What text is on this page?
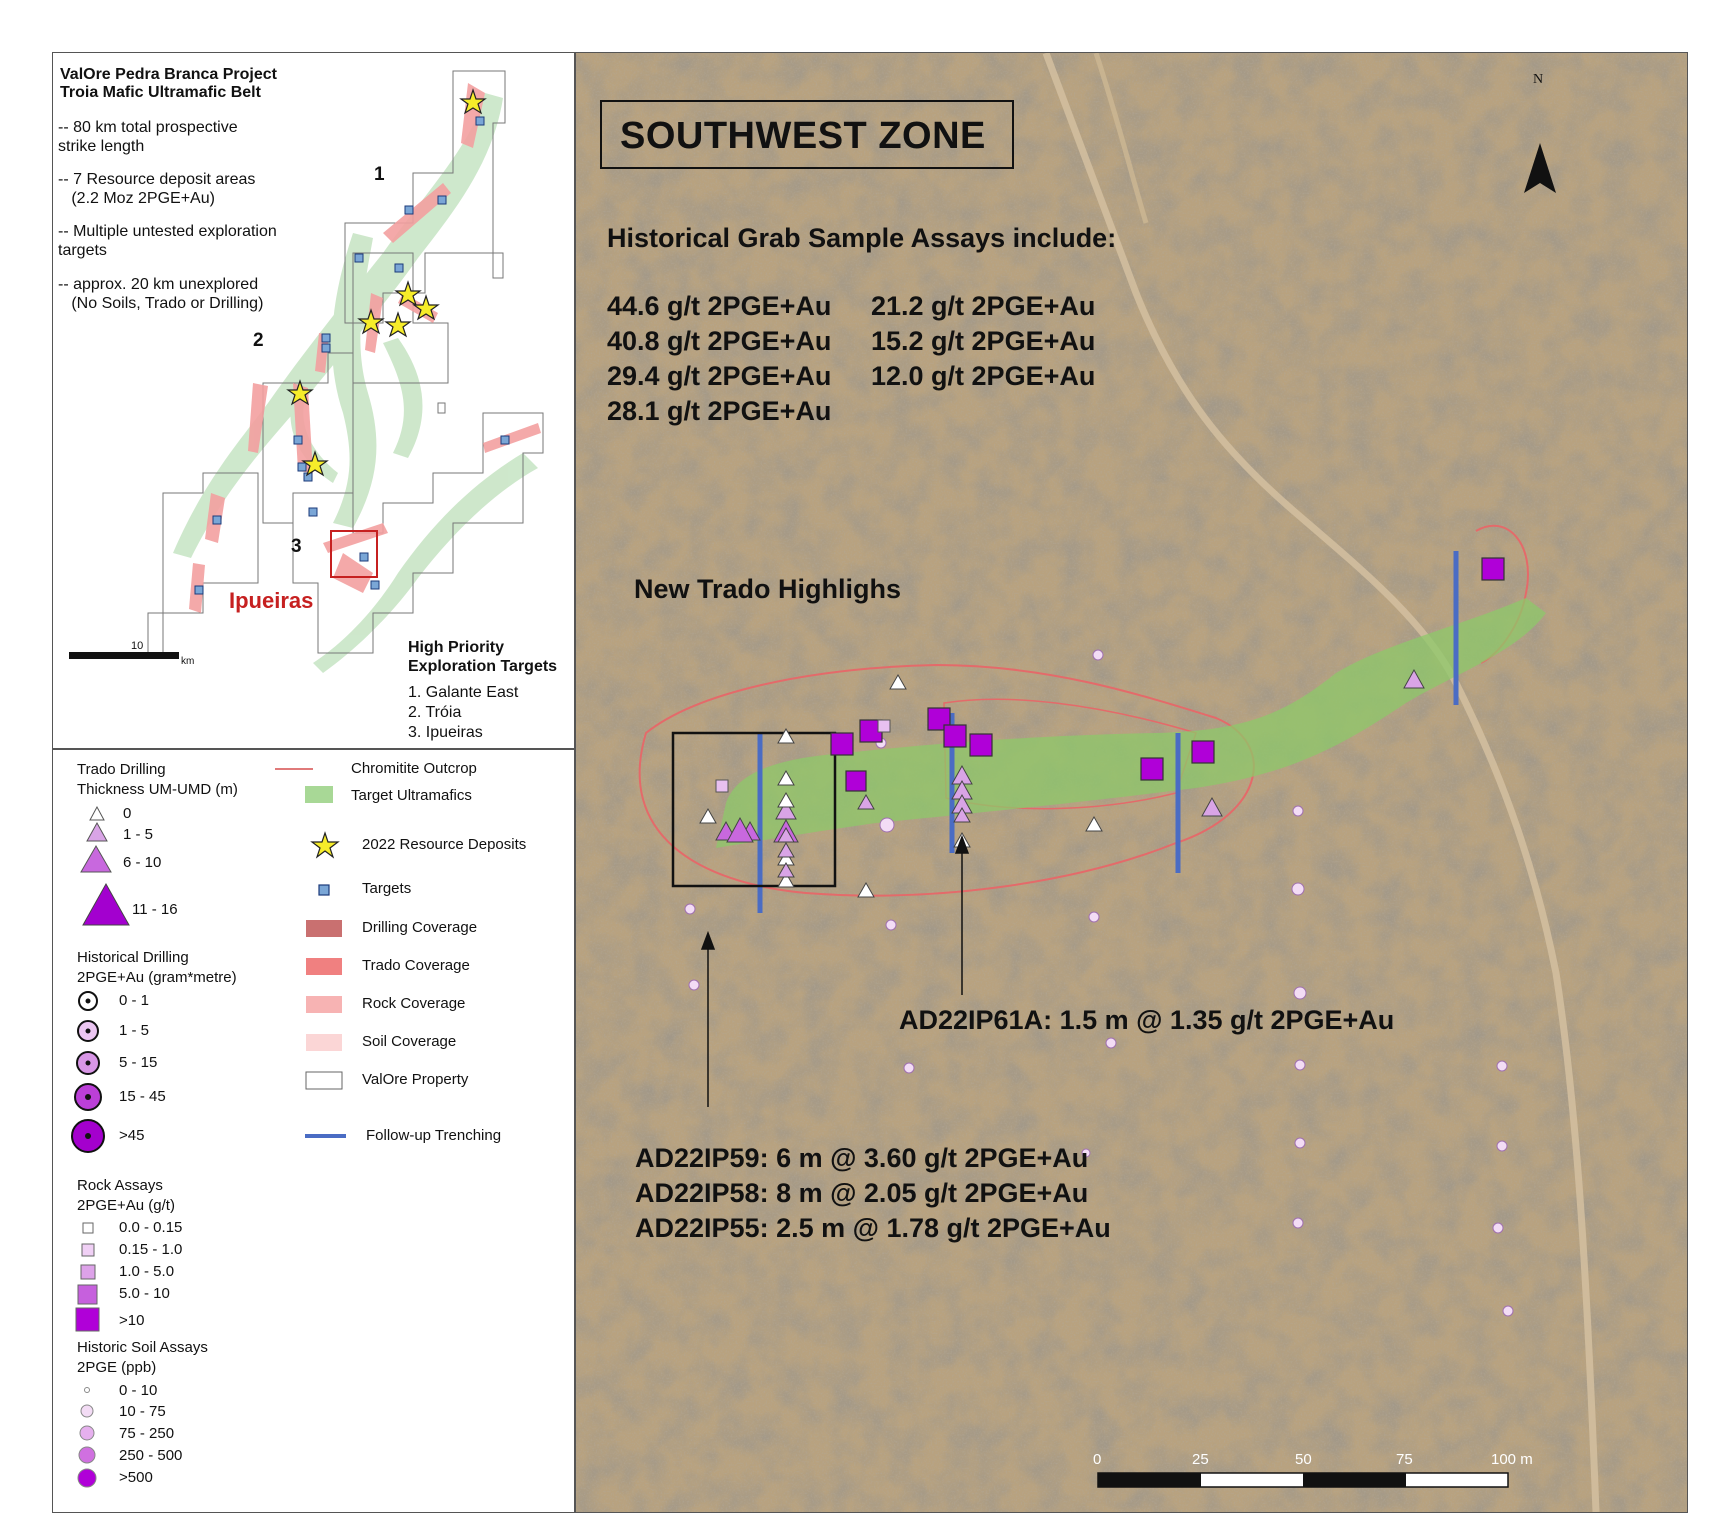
ValOre Pedra Branca Project
Troia Mafic Ultramafic Belt
-- 80 km total prospective
strike length
-- 7 Resource deposit areas
(2.2 Moz 2PGE+Au)
-- Multiple untested exploration
targets
-- approx. 20 km unexplored
(No Soils, Trado or Drilling)
1
2
3
Ipueiras
10
km
High Priority
Exploration Targets
1. Galante East
2. Tróia
3. Ipueiras
Trado Drilling
Thickness UM-UMD (m)
0
1 - 5
6 - 10
11 - 16
Historical Drilling
2PGE+Au (gram*metre)
0 - 1
1 - 5
5 - 15
15 - 45
>45
Rock Assays
2PGE+Au (g/t)
0.0 - 0.15
0.15 - 1.0
1.0 - 5.0
5.0 - 10
>10
Historic Soil Assays
2PGE (ppb)
0 - 10
10 - 75
75 - 250
250 - 500
>500
Chromitite Outcrop
Target Ultramafics
2022 Resource Deposits
Targets
Drilling Coverage
Trado Coverage
Rock Coverage
Soil Coverage
ValOre Property
Follow-up Trenching
SOUTHWEST ZONE
N
Historical Grab Sample Assays include:
44.6 g/t 2PGE+Au
40.8 g/t 2PGE+Au
29.4 g/t 2PGE+Au
28.1 g/t 2PGE+Au
21.2 g/t 2PGE+Au
15.2 g/t 2PGE+Au
12.0 g/t 2PGE+Au
New Trado Highlighs
AD22IP61A: 1.5 m @ 1.35 g/t 2PGE+Au
AD22IP59: 6 m @ 3.60 g/t 2PGE+Au
AD22IP58: 8 m @ 2.05 g/t 2PGE+Au
AD22IP55: 2.5 m @ 1.78 g/t 2PGE+Au
0	25	50	75	100 m
